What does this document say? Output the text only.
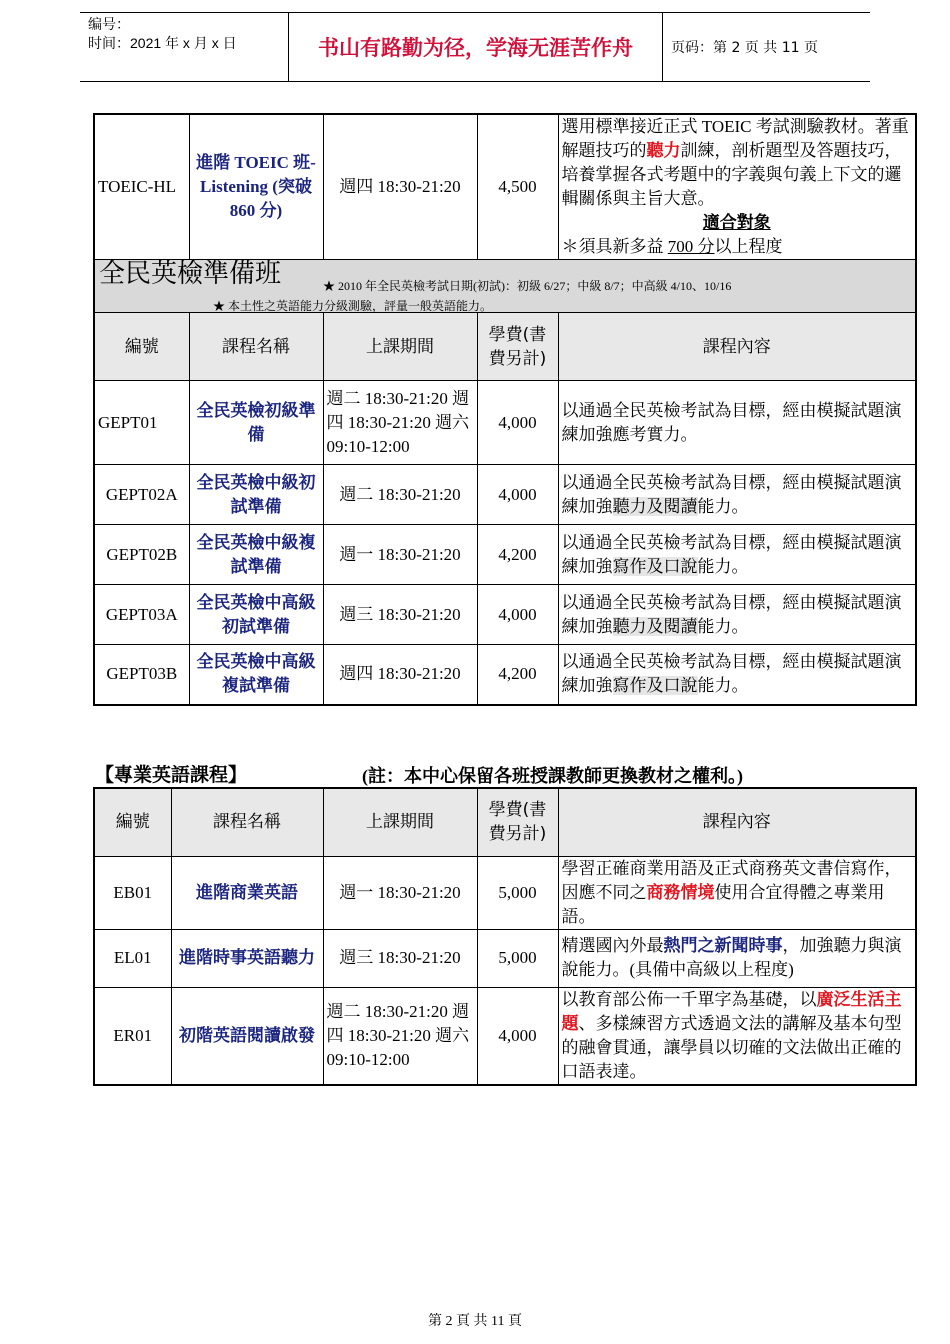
编号：
时间：2021 年 x 月 x 日	书山有路勤为径，学海无涯苦作舟	页码：第 2 页 共 11 页
TOEIC-HL	進階 TOEIC 班-Listening (突破 860 分)	週四 18:30-21:20	4,500	選用標準接近正式 TOEIC 考試測驗教材。著重解題技巧的聽力訓練，剖析題型及答題技巧，培養掌握各式考題中的字義與句義上下文的邏輯關係與主旨大意。
適合對象
＊須具新多益 700 分以上程度

全民英檢準備班 ★ 2010 年全民英檢考試日期(初試)：初級 6/27；中級 8/7；中高級 4/10、10/16
★ 本土性之英語能力分級測驗，評量一般英語能力。				

編號	課程名稱	上課期間	學費(書費另計)	課程內容
GEPT01	全民英檢初級準備	週二 18:30-21:20 週四 18:30-21:20 週六 09:10-12:00	4,000	以通過全民英檢考試為目標，經由模擬試題演練加強應考實力。
GEPT02A	全民英檢中級初試準備	週二 18:30-21:20	4,000	以通過全民英檢考試為目標，經由模擬試題演練加強聽力及閱讀能力。
GEPT02B	全民英檢中級複試準備	週一 18:30-21:20	4,200	以通過全民英檢考試為目標，經由模擬試題演練加強寫作及口說能力。
GEPT03A	全民英檢中高級初試準備	週三 18:30-21:20	4,000	以通過全民英檢考試為目標，經由模擬試題演練加強聽力及閱讀能力。
GEPT03B	全民英檢中高級複試準備	週四 18:30-21:20	4,200	以通過全民英檢考試為目標，經由模擬試題演練加強寫作及口說能力。
【專業英語課程】	(註：本中心保留各班授課教師更換教材之權利。)
編號	課程名稱	上課期間	學費(書費另計)	課程內容
EB01	進階商業英語	週一 18:30-21:20	5,000	學習正確商業用語及正式商務英文書信寫作，因應不同之商務情境使用合宜得體之專業用語。
EL01	進階時事英語聽力	週三 18:30-21:20	5,000	精選國內外最熱門之新聞時事，加強聽力與演說能力。(具備中高級以上程度)
ER01	初階英語閱讀啟發	週二 18:30-21:20 週四 18:30-21:20 週六 09:10-12:00	4,000	以教育部公佈一千單字為基礎，以廣泛生活主題、多樣練習方式透過文法的講解及基本句型的融會貫通，讓學員以切確的文法做出正確的口語表達。
第 2 頁 共 11 頁
